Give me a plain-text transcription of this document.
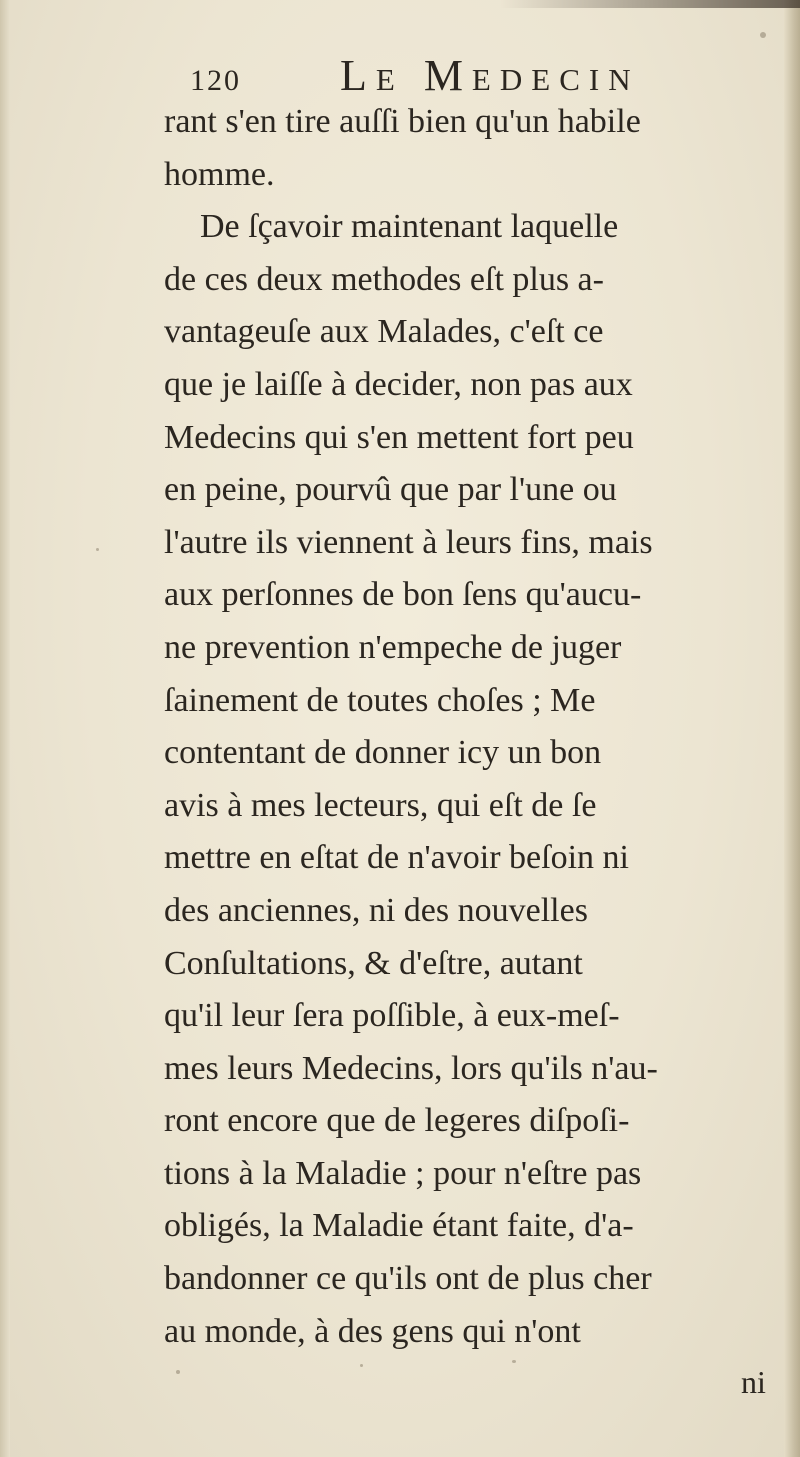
120 Le Medecin
rant s'en tire auſſi bien qu'un habile
homme.
De ſçavoir maintenant laquelle
de ces deux methodes eſt plus a-
vantageuſe aux Malades, c'eſt ce
que je laiſſe à decider, non pas aux
Medecins qui s'en mettent fort peu
en peine, pourvû que par l'une ou
l'autre ils viennent à leurs fins, mais
aux perſonnes de bon ſens qu'aucu-
ne prevention n'empeche de juger
ſainement de toutes choſes ; Me
contentant de donner icy un bon
avis à mes lecteurs, qui eſt de ſe
mettre en eſtat de n'avoir beſoin ni
des anciennes, ni des nouvelles
Conſultations, & d'eſtre, autant
qu'il leur ſera poſſible, à eux-meſ-
mes leurs Medecins, lors qu'ils n'au-
ront encore que de legeres diſpoſi-
tions à la Maladie ; pour n'eſtre pas
obligés, la Maladie étant faite, d'a-
bandonner ce qu'ils ont de plus cher
au monde, à des gens qui n'ont
ni
